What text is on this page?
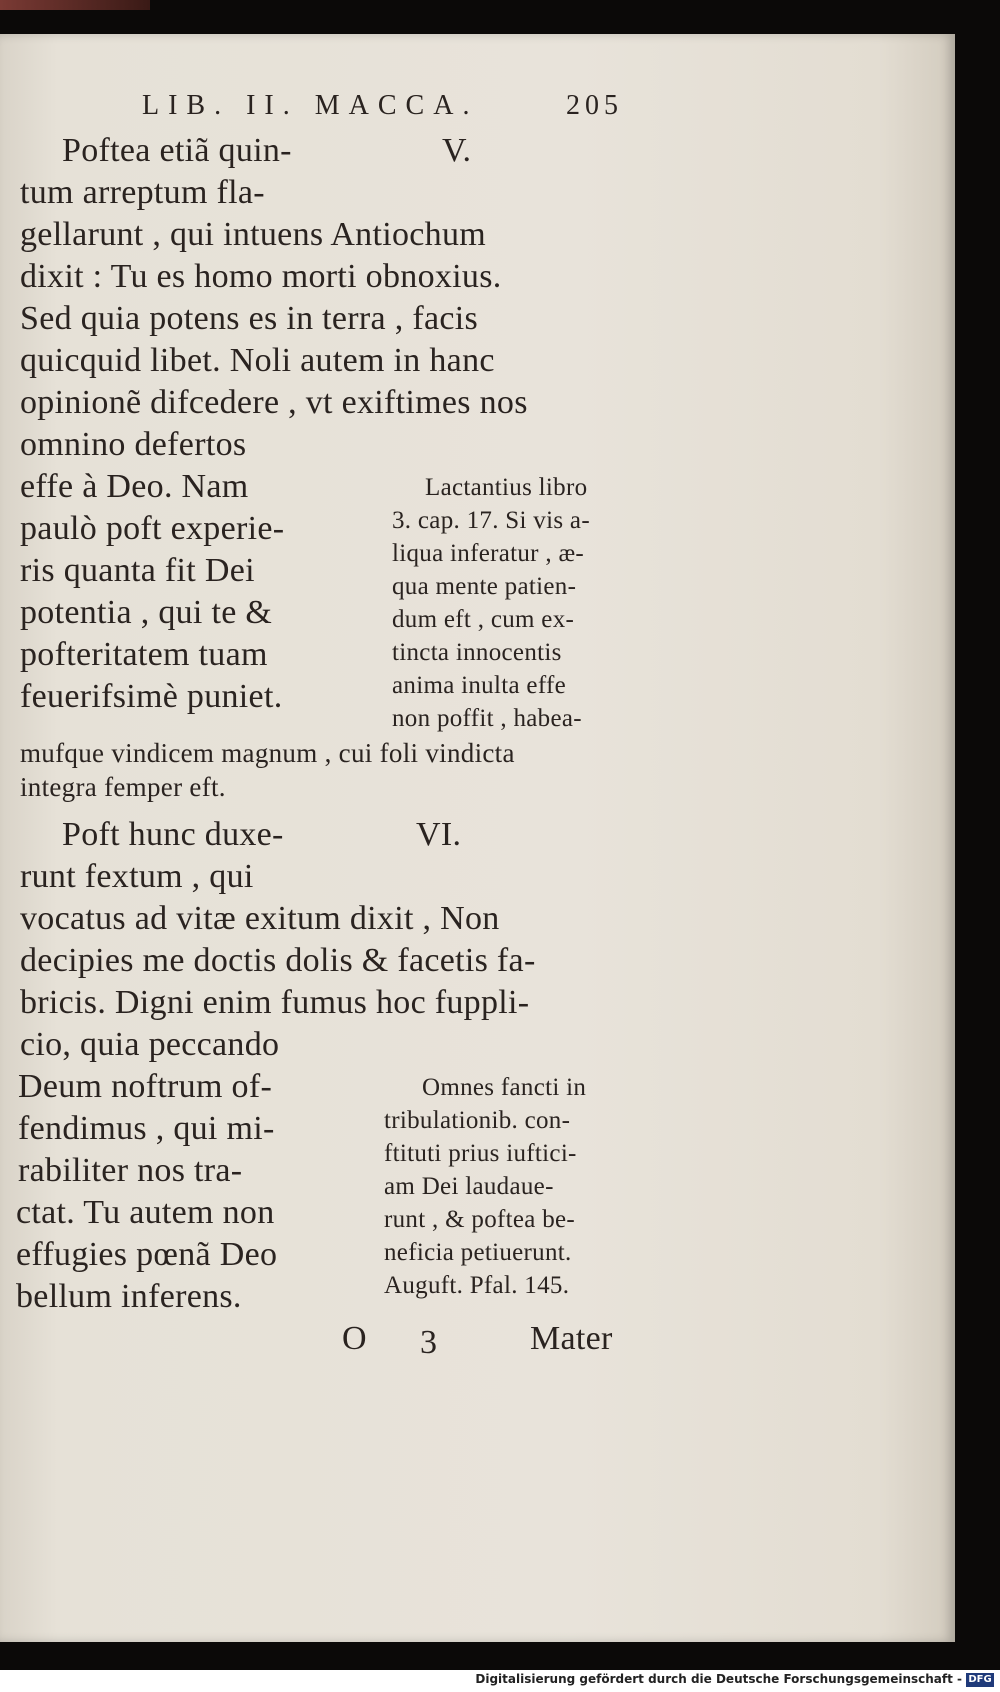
LIB. II. MACCA.	205
V.
Poftea etiã quin-
tum arreptum fla-
gellarunt , qui intuens Antiochum
dixit : Tu es homo morti obnoxius.
Sed quia potens es in terra , facis
quicquid libet. Noli autem in hanc
opinionẽ difcedere , vt exiftimes nos
omnino defertos
effe à Deo. Nam
paulò poft experie-
ris quanta fit Dei
potentia , qui te &
pofteritatem tuam
feuerifsimè puniet.
Lactantius libro
3. cap. 17. Si vis a-
liqua inferatur , æ-
qua mente patien-
dum eft , cum ex-
tincta innocentis
anima inulta effe
non poffit , habea-
mufque vindicem magnum , cui foli vindicta
integra femper eft.
VI.
Poft hunc duxe-
runt fextum , qui
vocatus ad vitæ exitum dixit , Non
decipies me doctis dolis & facetis fa-
bricis. Digni enim fumus hoc fuppli-
cio, quia peccando
Deum noftrum of-
fendimus , qui mi-
rabiliter nos tra-
ctat. Tu autem non
effugies pœnã Deo
bellum inferens.
Omnes fancti in
tribulationib. con-
ftituti prius iuftici-
am Dei laudaue-
runt , & poftea be-
neficia petiuerunt.
Auguft. Pfal. 145.
O 3	Mater
Digitalisierung gefördert durch die Deutsche Forschungsgemeinschaft - DFG
